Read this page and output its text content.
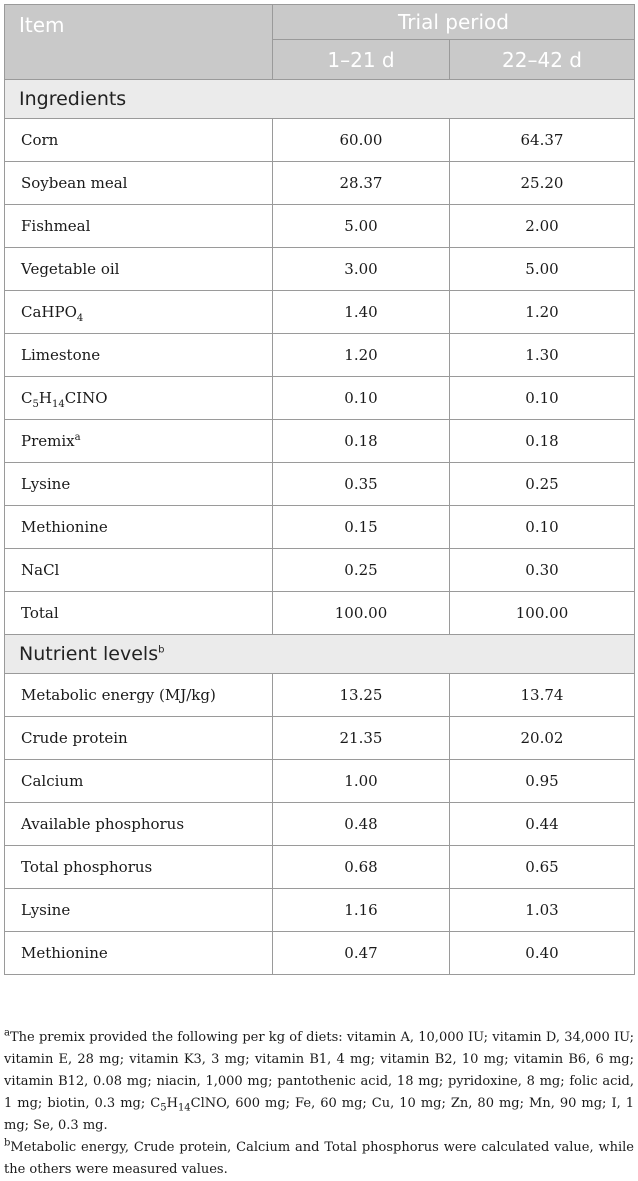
Item	Trial period	
	1–21 d	22–42 d
Ingredients		
Corn	60.00	64.37
Soybean meal	28.37	25.20
Fishmeal	5.00	2.00
Vegetable oil	3.00	5.00
CaHPO$_4$	1.40	1.20
Limestone	1.20	1.30
$C_5H_{14}CINO$	0.10	0.10
Premix$^a$	0.18	0.18
Lysine	0.35	0.25
Methionine	0.15	0.10
NaCl	0.25	0.30
Total	100.00	100.00
Nutrient levels$^b$
Metabolic energy (MJ/kg)	13.25	13.74
Crude protein	21.35	20.02
Calcium	1.00	0.95
Available phosphorus	0.48	0.44
Total phosphorus	0.68	0.65
Lysine	1.16	1.03
Methionine	0.47	0.40

$^a$The premix provided the following per kg of diets: vitamin A, 10,000 IU; vitamin D, 34,000 IU; vitamin E, 28 mg; vitamin K3, 3 mg; vitamin B1, 4 mg; vitamin B2, 10 mg; vitamin B6, 6 mg; vitamin B12, 0.08 mg; niacin, 1,000 mg; pantothenic acid, 18 mg; pyridoxine, 8 mg; folic acid, 1 mg; biotin, 0.3 mg; $C_5H_{14}ClNO$, 600 mg; Fe, 60 mg; Cu, 10 mg; Zn, 80 mg; Mn, 90 mg; I, 1 mg; Se, 0.3 mg.

$^b$Metabolic energy, Crude protein, Calcium and Total phosphorus were calculated value, while the others were measured values.
